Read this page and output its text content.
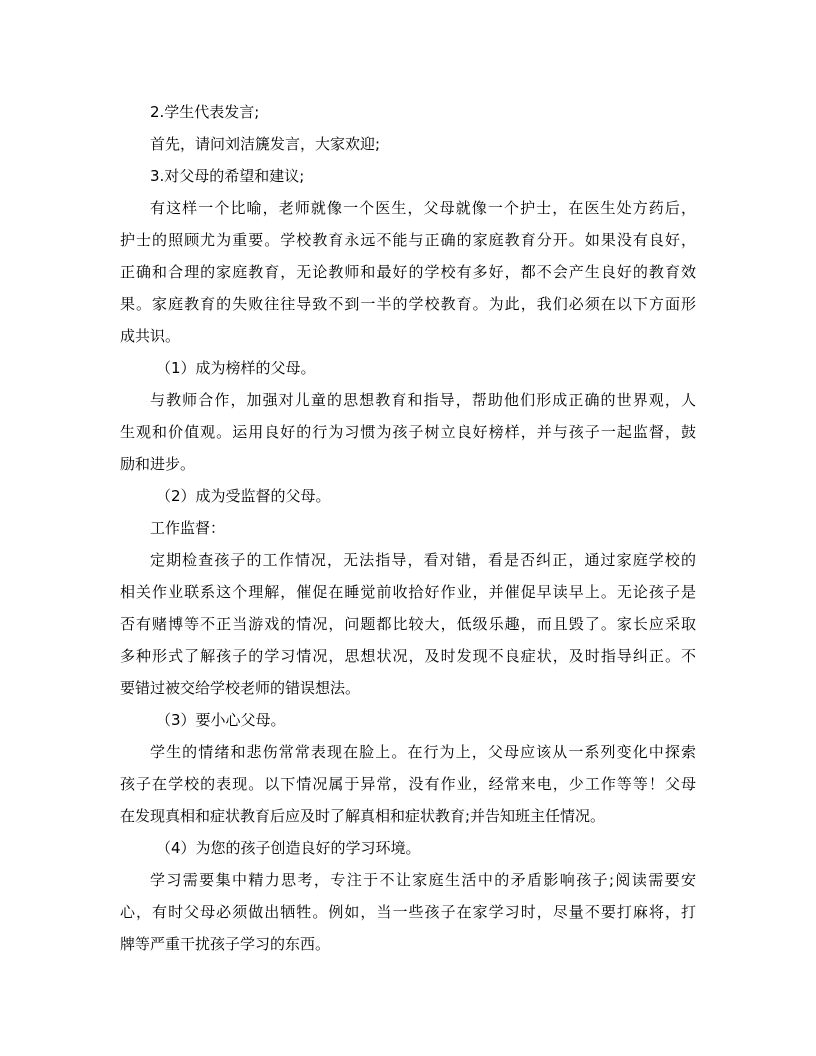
2.学生代表发言;
首先，请问刘洁篪发言，大家欢迎;
3.对父母的希望和建议;
有这样一个比喻，老师就像一个医生，父母就像一个护士，在医生处方药后，
护士的照顾尤为重要。学校教育永远不能与正确的家庭教育分开。如果没有良好，
正确和合理的家庭教育，无论教师和最好的学校有多好，都不会产生良好的教育效
果。家庭教育的失败往往导致不到一半的学校教育。为此，我们必须在以下方面形
成共识。
（1）成为榜样的父母。
与教师合作，加强对儿童的思想教育和指导，帮助他们形成正确的世界观，人
生观和价值观。运用良好的行为习惯为孩子树立良好榜样，并与孩子一起监督，鼓
励和进步。
（2）成为受监督的父母。
工作监督：
定期检查孩子的工作情况，无法指导，看对错，看是否纠正，通过家庭学校的
相关作业联系这个理解，催促在睡觉前收拾好作业，并催促早读早上。无论孩子是
否有赌博等不正当游戏的情况，问题都比较大，低级乐趣，而且毁了。家长应采取
多种形式了解孩子的学习情况，思想状况，及时发现不良症状，及时指导纠正。不
要错过被交给学校老师的错误想法。
（3）要小心父母。
学生的情绪和悲伤常常表现在脸上。在行为上，父母应该从一系列变化中探索
孩子在学校的表现。以下情况属于异常，没有作业，经常来电，少工作等等！父母
在发现真相和症状教育后应及时了解真相和症状教育;并告知班主任情况。
（4）为您的孩子创造良好的学习环境。
学习需要集中精力思考，专注于不让家庭生活中的矛盾影响孩子;阅读需要安
心，有时父母必须做出牺牲。例如，当一些孩子在家学习时，尽量不要打麻将，打
牌等严重干扰孩子学习的东西。
